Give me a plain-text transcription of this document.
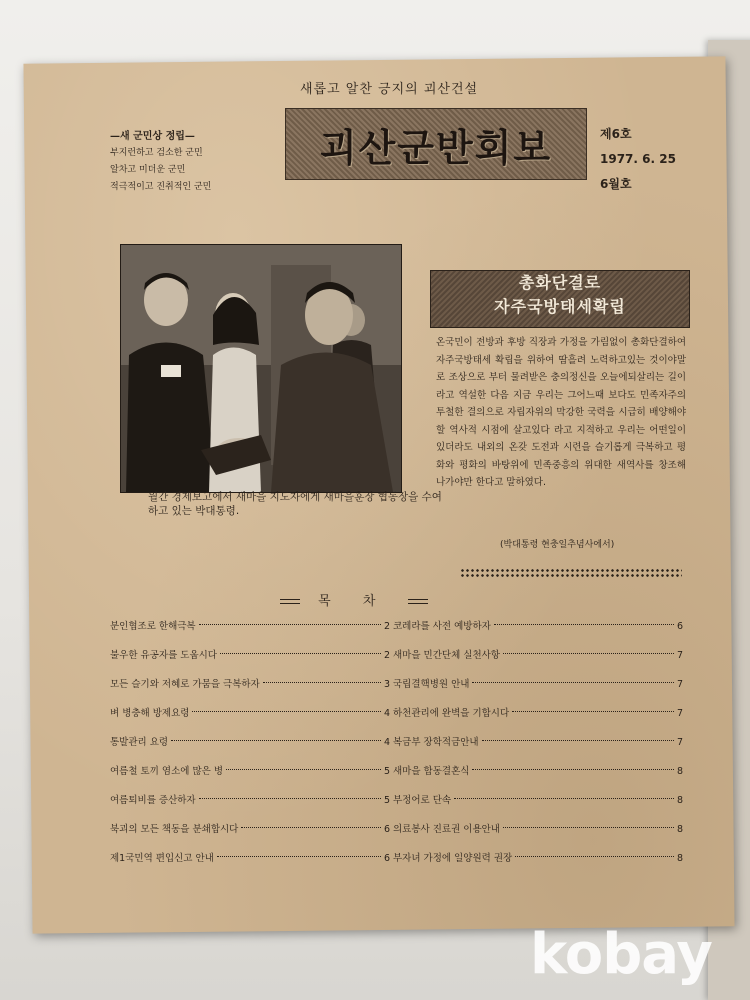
새롭고 알찬 긍지의 괴산건설
—새 군민상 정립—
부지런하고 검소한 군민
알차고 미더운 군민
적극적이고 진취적인 군민
괴산군반회보	제6호
1977. 6. 25
6월호
월간 경제보고에서 새마을 지도자에게 새마을훈장 협동장을 수여하고 있는 박대통령.
총화단결로
자주국방태세확립
온국민이 전방과 후방 직장과 가정을 가림없이 총화단결하여 자주국방태세 확립을 위하여 땀흘려 노력하고있는 것이야말로 조상으로 부터 물려받은 충의정신을 오늘에되살리는 길이라고 역설한 다음 지금 우리는 그어느때 보다도 민족자주의 투철한 결의으로 자립자위의 막강한 국력을 시급히 배양해야할 역사적 시점에 살고있다 라고 지적하고 우리는 어떤일이 있더라도 내외의 온갖 도전과 시련을 슬기롭게 극복하고 평화와 평화의 바탕위에 민족중흥의 위대한 새역사를 창조해 나가야만 한다고 말하였다.
(박대통령 현충일추념사에서)
목 차
분인협조로 한해극복	2
불우한 유공자를 도웁시다	2
모든 슬기와 저혜로 가뭄을 극복하자	3
벼 병충해 방제요령	4
통발관리 요령	4
여름철 토끼 염소에 많은 병	5
여름퇴비를 증산하자	5
북괴의 모든 책동을 분쇄합시다	6
제1국민역 편입신고 안내	6
코레라를 사전 예방하자	6
새마을 민간단체 실천사항	7
국립결핵병원 안내	7
하천관리에 완벽을 기합시다	7
복금부 장학적금안내	7
새마을 합동결혼식	8
부정어로 단속	8
의료봉사 진료권 이용안내	8
부자녀 가정에 일양원력 권장	8
kobay
